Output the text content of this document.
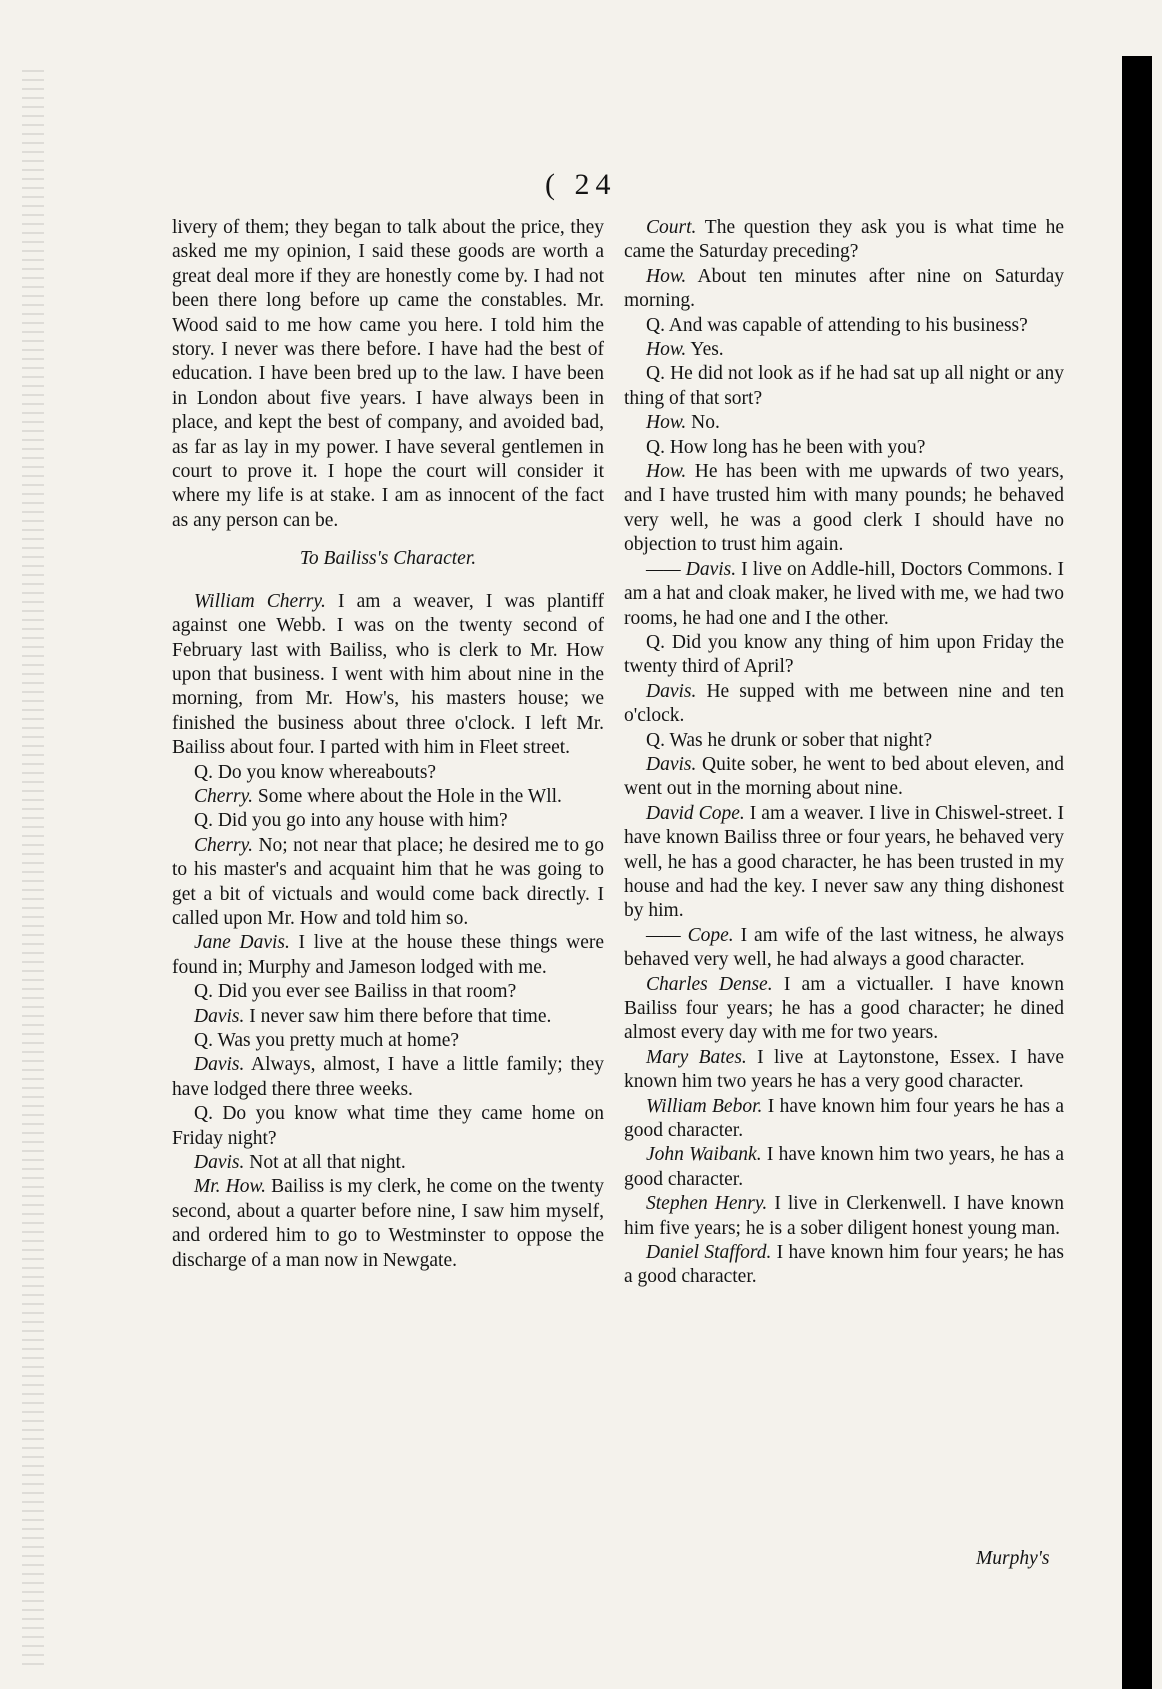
( 24

livery of them; they began to talk about the price, they asked me my opinion, I said these goods are worth a great deal more if they are honestly come by. I had not been there long before up came the constables. Mr. Wood said to me how came you here. I told him the story. I never was there before. I have had the best of education. I have been bred up to the law. I have been in London about five years. I have always been in place, and kept the best of company, and avoided bad, as far as lay in my power. I have several gentlemen in court to prove it. I hope the court will consider it where my life is at stake. I am as innocent of the fact as any person can be.

To Bailiss's Character.

William Cherry. I am a weaver, I was plantiff against one Webb. I was on the twenty second of February last with Bailiss, who is clerk to Mr. How upon that business. I went with him about nine in the morning, from Mr. How's, his masters house; we finished the business about three o'clock. I left Mr. Bailiss about four. I parted with him in Fleet street.

Q. Do you know whereabouts?

Cherry. Some where about the Hole in the Wll.

Q. Did you go into any house with him?

Cherry. No; not near that place; he desired me to go to his master's and acquaint him that he was going to get a bit of victuals and would come back directly. I called upon Mr. How and told him so.

Jane Davis. I live at the house these things were found in; Murphy and Jameson lodged with me.

Q. Did you ever see Bailiss in that room?

Davis. I never saw him there before that time.

Q. Was you pretty much at home?

Davis. Always, almost, I have a little family; they have lodged there three weeks.

Q. Do you know what time they came home on Friday night?

Davis. Not at all that night.

Mr. How. Bailiss is my clerk, he come on the twenty second, about a quarter before nine, I saw him myself, and ordered him to go to Westminster to oppose the discharge of a man now in Newgate.

Court. The question they ask you is what time he came the Saturday preceding?

How. About ten minutes after nine on Saturday morning.

Q. And was capable of attending to his business?

How. Yes.

Q. He did not look as if he had sat up all night or any thing of that sort?

How. No.

Q. How long has he been with you?

How. He has been with me upwards of two years, and I have trusted him with many pounds; he behaved very well, he was a good clerk I should have no objection to trust him again.

—— Davis. I live on Addle-hill, Doctors Commons. I am a hat and cloak maker, he lived with me, we had two rooms, he had one and I the other.

Q. Did you know any thing of him upon Friday the twenty third of April?

Davis. He supped with me between nine and ten o'clock.

Q. Was he drunk or sober that night?

Davis. Quite sober, he went to bed about eleven, and went out in the morning about nine.

David Cope. I am a weaver. I live in Chiswel-street. I have known Bailiss three or four years, he behaved very well, he has a good character, he has been trusted in my house and had the key. I never saw any thing dishonest by him.

—— Cope. I am wife of the last witness, he always behaved very well, he had always a good character.

Charles Dense. I am a victualler. I have known Bailiss four years; he has a good character; he dined almost every day with me for two years.

Mary Bates. I live at Laytonstone, Essex. I have known him two years he has a very good character.

William Bebor. I have known him four years he has a good character.

John Waibank. I have known him two years, he has a good character.

Stephen Henry. I live in Clerkenwell. I have known him five years; he is a sober diligent honest young man.

Daniel Stafford. I have known him four years; he has a good character.

Murphy's
